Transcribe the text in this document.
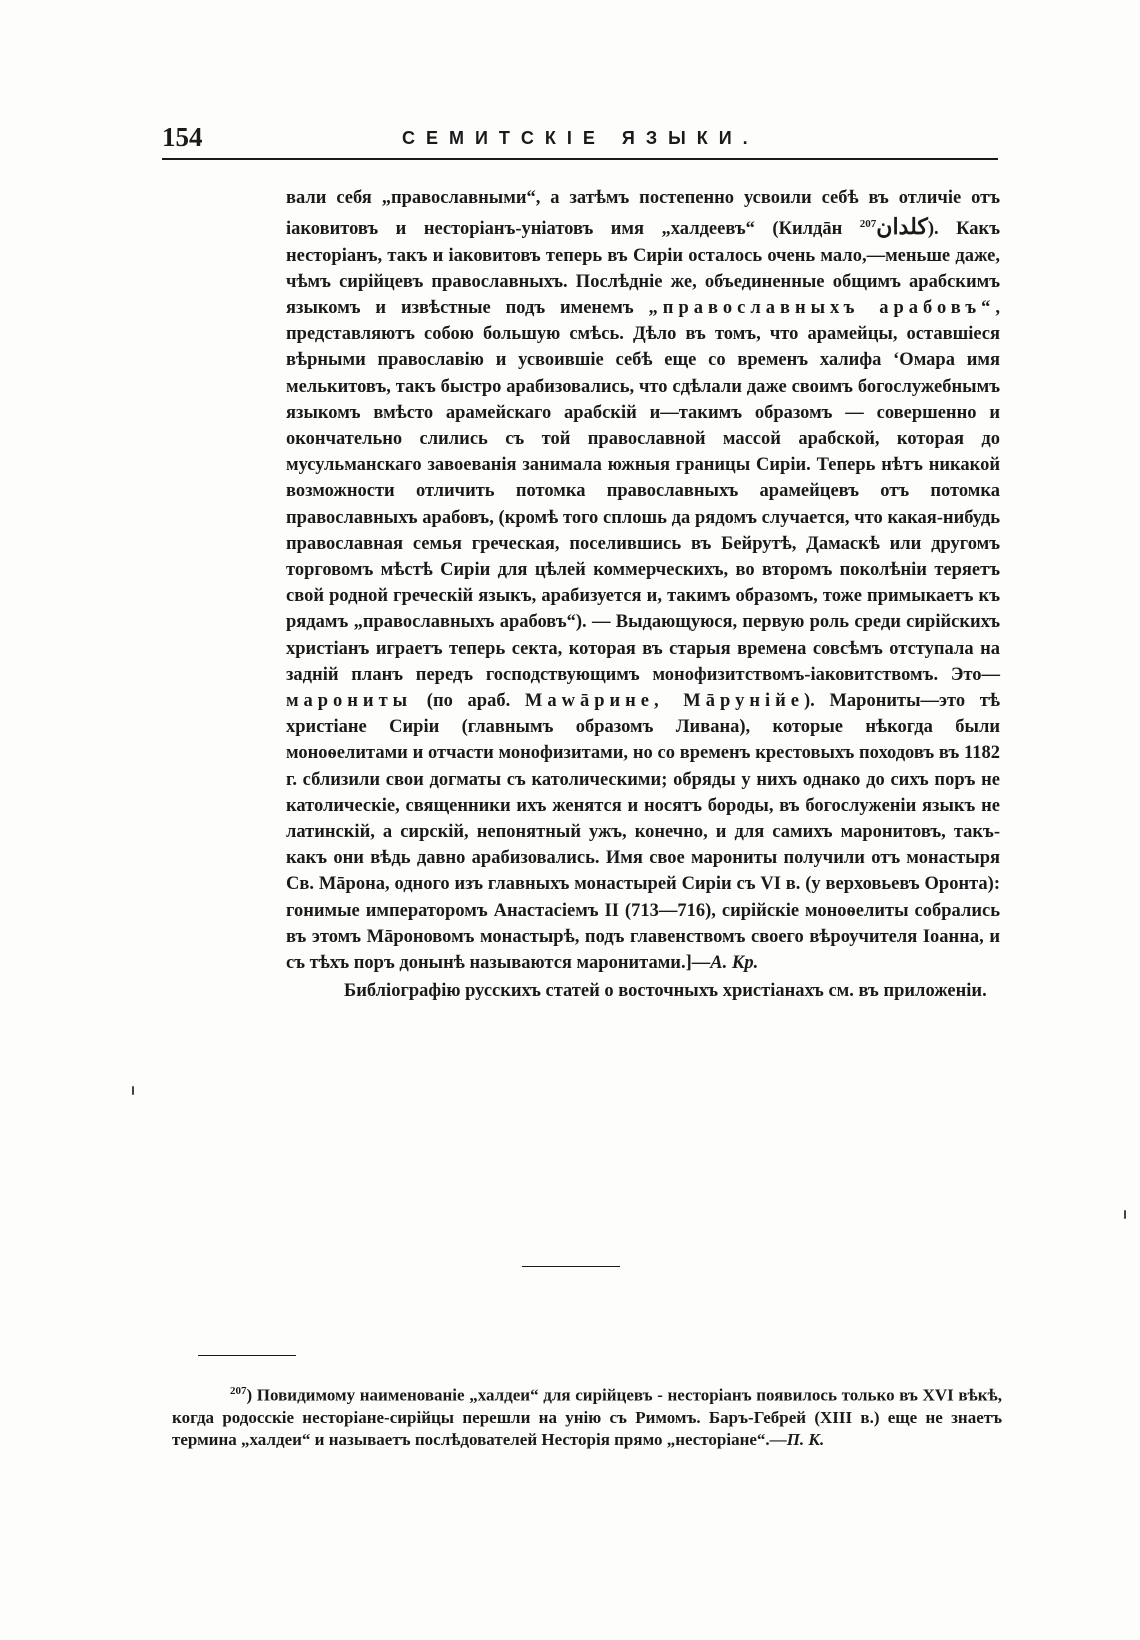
154	СЕМИТСКІЕ ЯЗЫКИ.

вали себя „православными“, а затѣмъ постепенно усвоили себѣ въ отличіе отъ іаковитовъ и несторіанъ-уніатовъ имя „халдеевъ“ (Килдāн كلدان$^{207}$	). Какъ несторіанъ, такъ и іаковитовъ теперь въ Сиріи осталось очень мало,—меньше даже, чѣмъ сирійцевъ православныхъ. Послѣдніе же, объединенные общимъ арабскимъ языкомъ и извѣстные подъ именемъ „православныхъ арабовъ“, представляютъ собою большую смѣсь. Дѣло въ томъ, что арамейцы, оставшіеся вѣрными православію и усвоившіе себѣ еще со временъ халифа ‘Омара имя мелькитовъ, такъ быстро арабизовались, что сдѣлали даже своимъ богослужебнымъ языкомъ вмѣсто арамейскаго арабскій и—такимъ образомъ — совершенно и окончательно слились съ той православной массой арабской, которая до мусульманскаго завоеванія занимала южныя границы Сиріи. Теперь нѣтъ никакой возможности отличить потомка православныхъ арамейцевъ отъ потомка православныхъ арабовъ, (кромѣ того сплошь да рядомъ случается, что какая-нибудь православная семья греческая, поселившись въ Бейрутѣ, Дамаскѣ или другомъ торговомъ мѣстѣ Сиріи для цѣлей коммерческихъ, во второмъ поколѣніи теряетъ свой родной греческій языкъ, арабизуется и, такимъ образомъ, тоже примыкаетъ къ рядамъ „православныхъ арабовъ“). — Выдающуюся, первую роль среди сирійскихъ христіанъ играетъ теперь секта, которая въ старыя времена совсѣмъ отступала на задній планъ передъ господствующимъ монофизитствомъ-іаковитствомъ. Это—марониты (по араб. Маwāрине, Мāрунiйе). Марониты—это тѣ христіане Сиріи (главнымъ образомъ Ливана), которые нѣкогда были моноѳелитами и отчасти монофизитами, но со временъ крестовыхъ походовъ въ 1182 г. сблизили свои догматы съ католическими; обряды у нихъ однако до сихъ поръ не католическіе, священники ихъ женятся и носятъ бороды, въ богослуженіи языкъ не латинскій, а сирскій, непонятный ужъ, конечно, и для самихъ маронитовъ, такъ-какъ они вѣдь давно арабизовались. Имя свое марониты получили отъ монастыря Св. Мāрона, одного изъ главныхъ монастырей Сиріи съ VI в. (у верховьевъ Оронта): гонимые императоромъ Анастасіемъ II (713—716), сирійскіе моноѳелиты собрались въ этомъ Мāроновомъ монастырѣ, подъ главенствомъ своего вѣроучителя Іоанна, и съ тѣхъ поръ донынѣ называются маронитами.]—А. Кр.

Библіографію русскихъ статей о восточныхъ христіанахъ см. въ приложеніи.

$^{207}$) Повидимому наименованіе „халдеи“ для сирійцевъ - несторіанъ появилось только въ XVI вѣкѣ, когда родосскіе несторіане-сирійцы перешли на унію съ Римомъ. Баръ-Гебрей (XIII в.) еще не знаетъ термина „халдеи“ и называетъ послѣдователей Несторія прямо „несторіане“.—П. К.
